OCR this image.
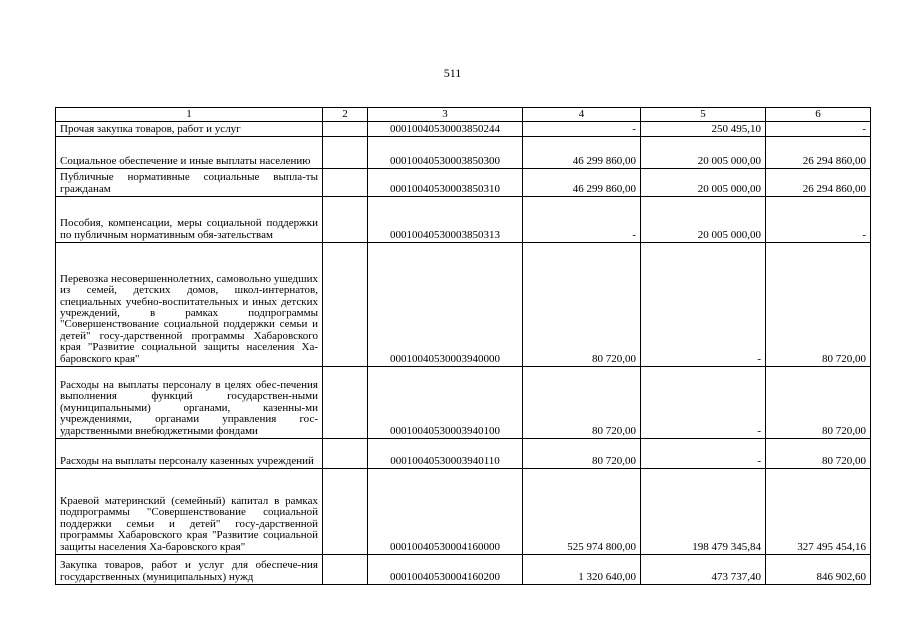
511
1	2	3	4	5	6
Прочая закупка товаров, работ и услуг		00010040530003850244	-	250 495,10	-
Социальное обеспечение и иные выплаты населению		00010040530003850300	46 299 860,00	20 005 000,00	26 294 860,00
Публичные нормативные социальные выпла-ты гражданам		00010040530003850310	46 299 860,00	20 005 000,00	26 294 860,00
Пособия, компенсации, меры социальной поддержки по публичным нормативным обя-зательствам		00010040530003850313	-	20 005 000,00	-
Перевозка несовершеннолетних, самовольно ушедших из семей, детских домов, школ-интернатов, специальных учебно-воспитательных и иных детских учреждений, в рамках подпрограммы "Совершенствование социальной поддержки семьи и детей" госу-дарственной программы Хабаровского края "Развитие социальной защиты населения Ха-баровского края"		00010040530003940000	80 720,00	-	80 720,00
Расходы на выплаты персоналу в целях обес-печения выполнения функций государствен-ными (муниципальными) органами, казенны-ми учреждениями, органами управления гос-ударственными внебюджетными фондами		00010040530003940100	80 720,00	-	80 720,00
Расходы на выплаты персоналу казенных учреждений		00010040530003940110	80 720,00	-	80 720,00
Краевой материнский (семейный) капитал в рамках подпрограммы "Совершенствование социальной поддержки семьи и детей" госу-дарственной программы Хабаровского края "Развитие социальной защиты населения Ха-баровского края"		00010040530004160000	525 974 800,00	198 479 345,84	327 495 454,16
Закупка товаров, работ и услуг для обеспече-ния государственных (муниципальных) нужд		00010040530004160200	1 320 640,00	473 737,40	846 902,60
